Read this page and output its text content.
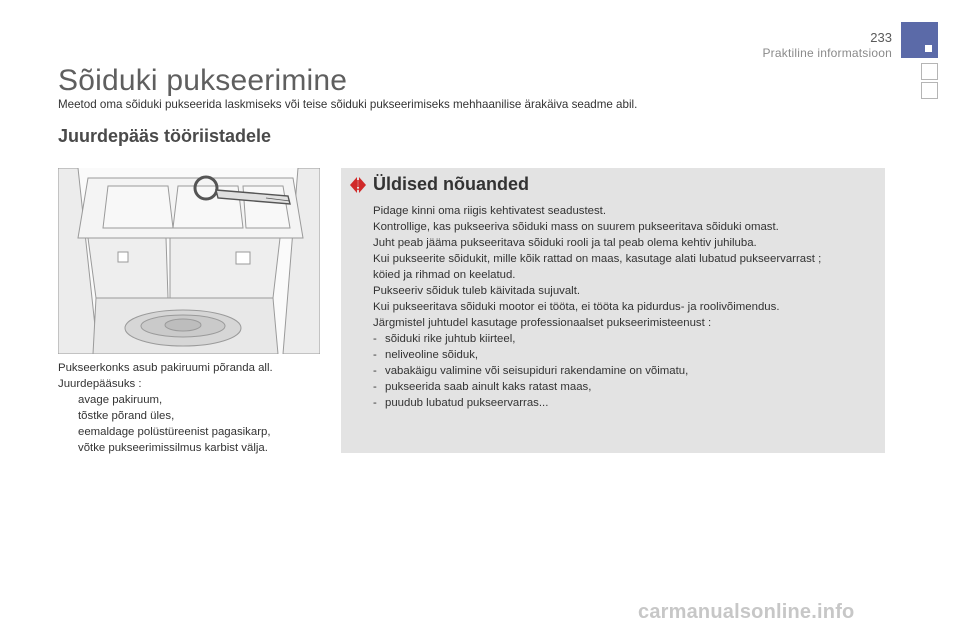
233
Praktiline informatsioon
Sõiduki pukseerimine
Meetod oma sõiduki pukseerida laskmiseks või teise sõiduki pukseerimiseks mehhaanilise ärakäiva seadme abil.
Juurdepääs tööriistadele
Pukseerkonks asub pakiruumi põranda all.
Juurdepääsuks :
avage pakiruum,
tõstke põrand üles,
eemaldage polüstüreenist pagasikarp,
võtke pukseerimissilmus karbist välja.
Üldised nõuanded
Pidage kinni oma riigis kehtivatest seadustest.
Kontrollige, kas pukseeriva sõiduki mass on suurem pukseeritava sõiduki omast.
Juht peab jääma pukseeritava sõiduki rooli ja tal peab olema kehtiv juhiluba.
Kui pukseerite sõidukit, mille kõik rattad on maas, kasutage alati lubatud pukseervarrast ;
köied ja rihmad on keelatud.
Pukseeriv sõiduk tuleb käivitada sujuvalt.
Kui pukseeritava sõiduki mootor ei tööta, ei tööta ka pidurdus- ja roolivõimendus.
Järgmistel juhtudel kasutage professionaalset pukseerimisteenust :
- sõiduki rike juhtub kiirteel,
- neliveoline sõiduk,
- vabakäigu valimine või seisupiduri rakendamine on võimatu,
- pukseerida saab ainult kaks ratast maas,
- puudub lubatud pukseervarras...
carmanualsonline.info
